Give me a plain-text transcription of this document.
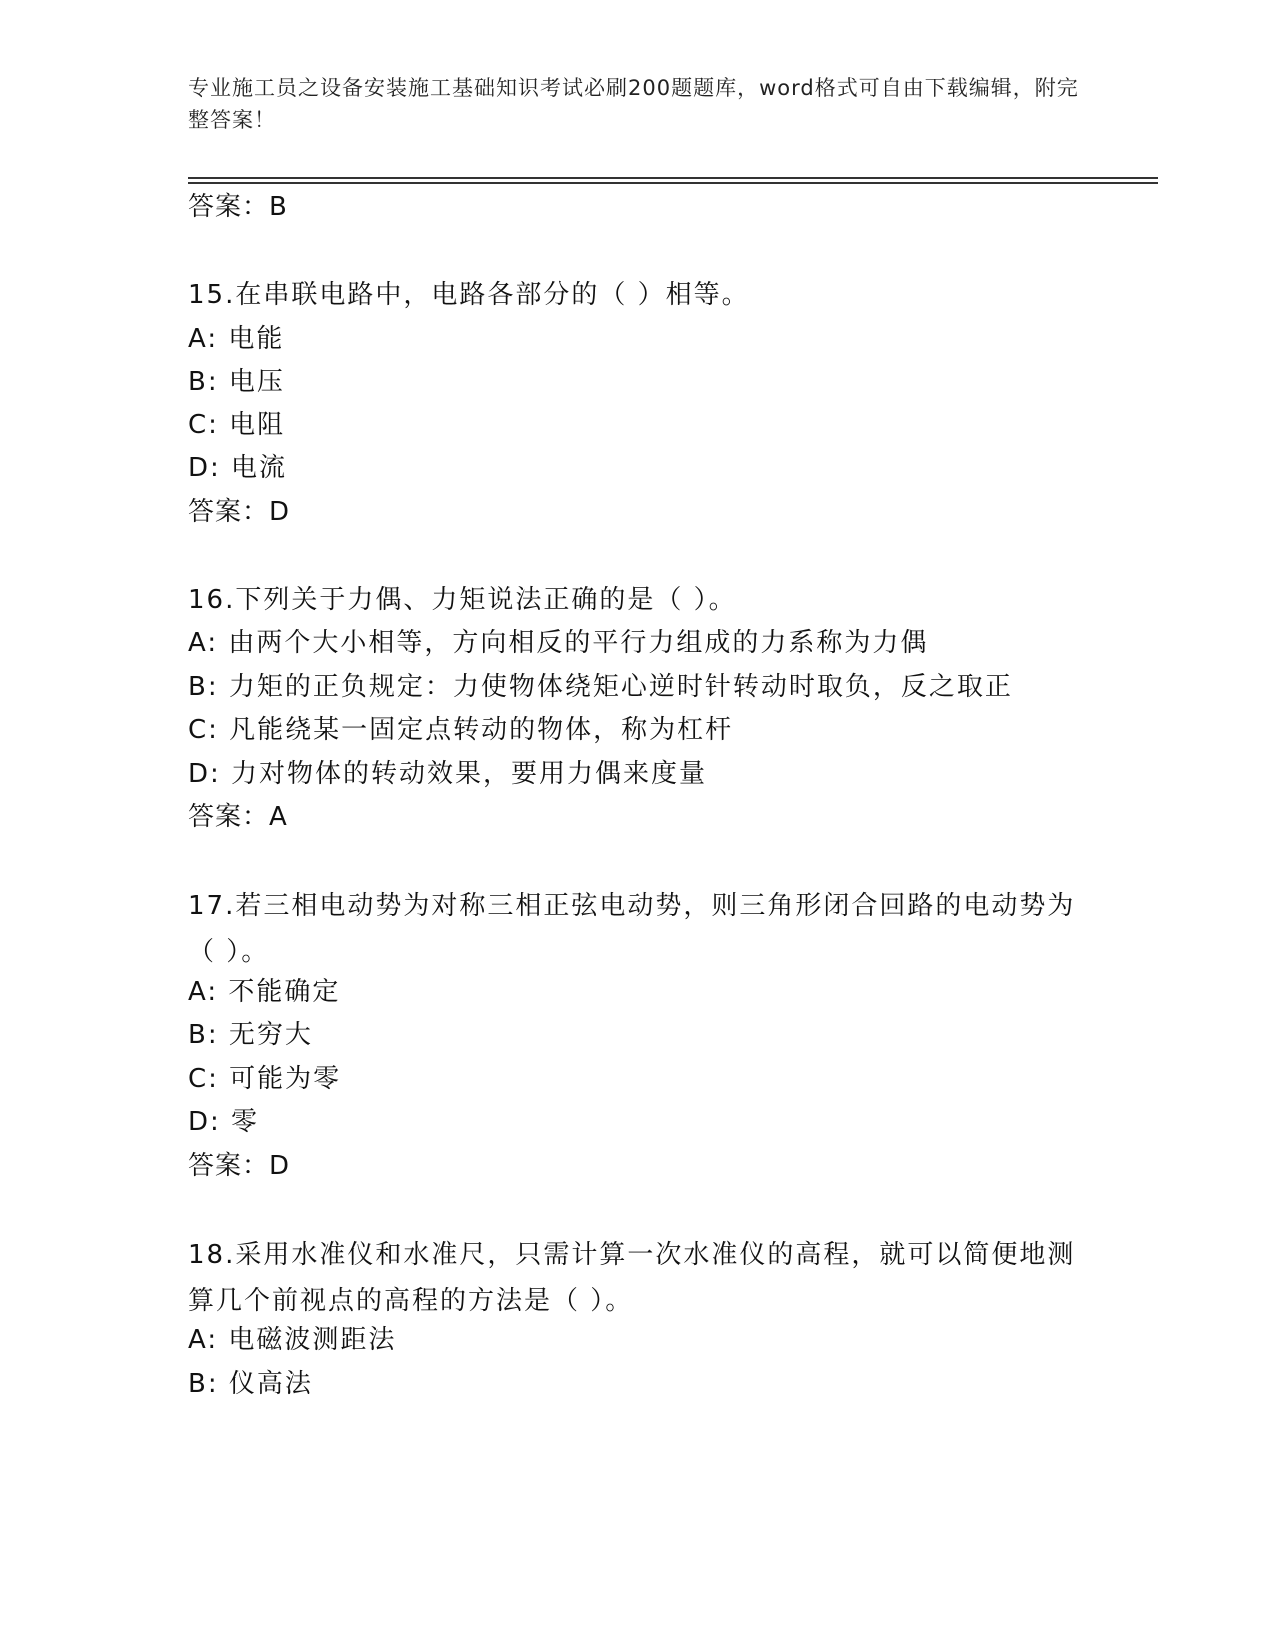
专业施工员之设备安装施工基础知识考试必刷200题题库，word格式可自由下载编辑，附完整答案！
答案：B
15.在串联电路中，电路各部分的（ ）相等。
A: 电能
B: 电压
C: 电阻
D: 电流
答案：D
16.下列关于力偶、力矩说法正确的是（ ）。
A: 由两个大小相等，方向相反的平行力组成的力系称为力偶
B: 力矩的正负规定：力使物体绕矩心逆时针转动时取负，反之取正
C: 凡能绕某一固定点转动的物体，称为杠杆
D: 力对物体的转动效果，要用力偶来度量
答案：A
17.若三相电动势为对称三相正弦电动势，则三角形闭合回路的电动势为（ ）。
A: 不能确定
B: 无穷大
C: 可能为零
D: 零
答案：D
18.采用水准仪和水准尺，只需计算一次水准仪的高程，就可以简便地测算几个前视点的高程的方法是（ ）。
A: 电磁波测距法
B: 仪高法
